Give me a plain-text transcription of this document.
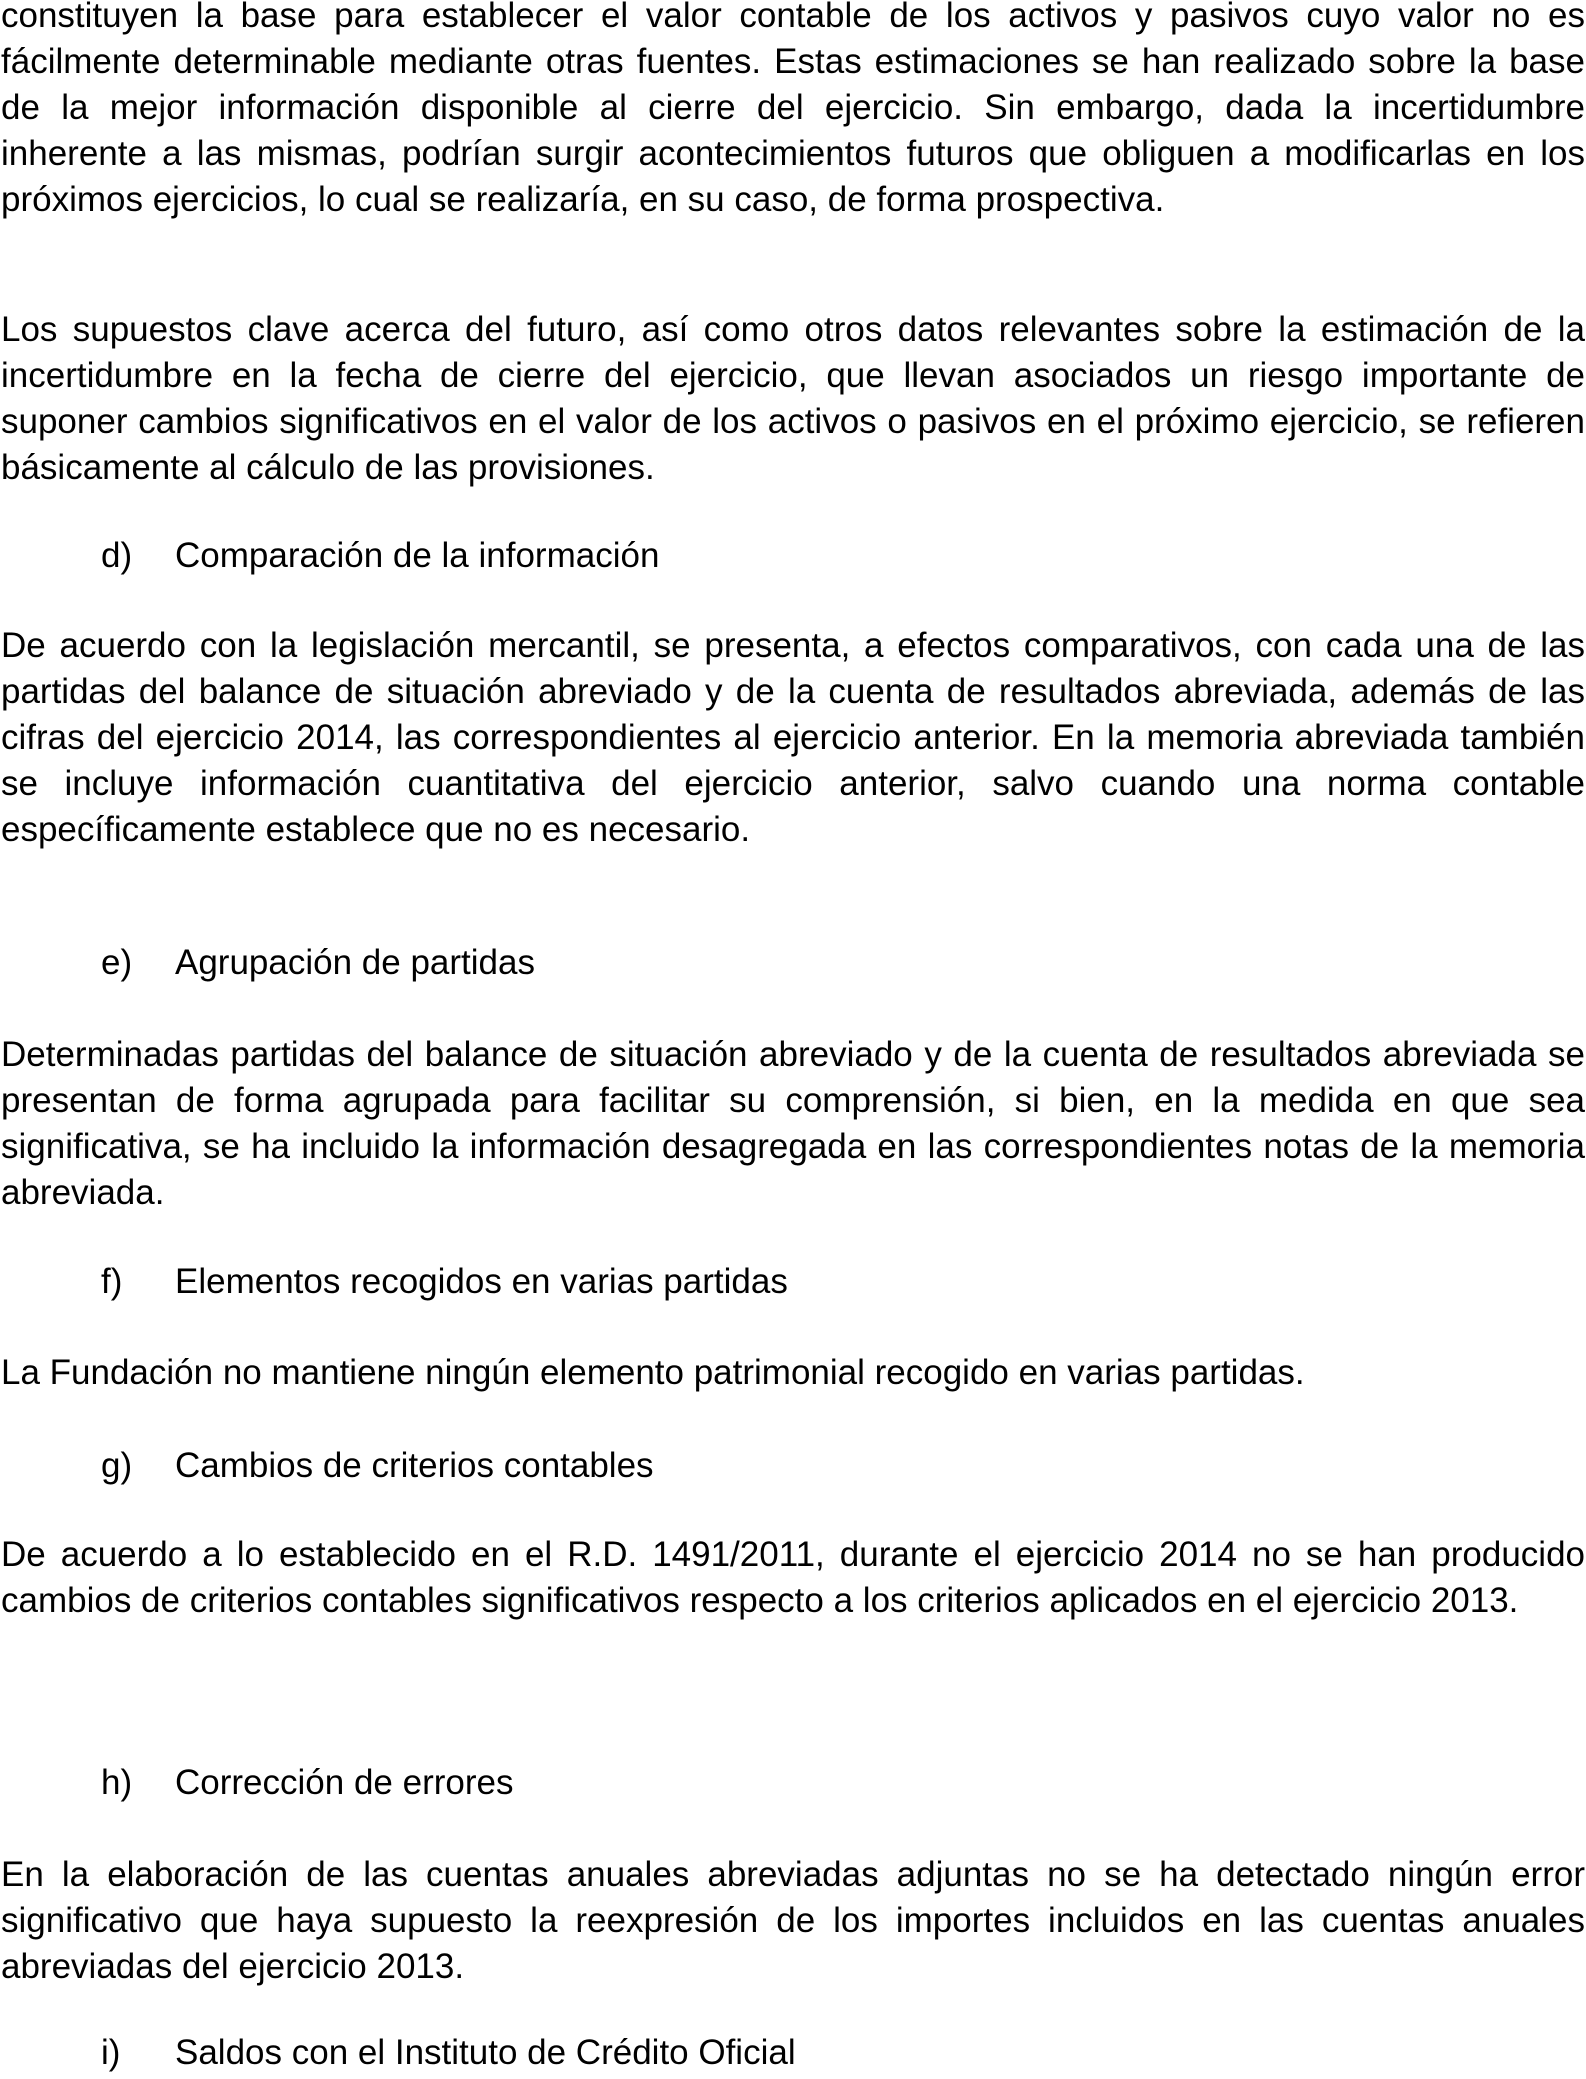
constituyen la base para establecer el valor contable de los activos y pasivos cuyo valor no es fácilmente determinable mediante otras fuentes. Estas estimaciones se han realizado sobre la base de la mejor información disponible al cierre del ejercicio. Sin embargo, dada la incertidumbre inherente a las mismas, podrían surgir acontecimientos futuros que obliguen a modificarlas en los próximos ejercicios, lo cual se realizaría, en su caso, de forma prospectiva.

Los supuestos clave acerca del futuro, así como otros datos relevantes sobre la estimación de la incertidumbre en la fecha de cierre del ejercicio, que llevan asociados un riesgo importante de suponer cambios significativos en el valor de los activos o pasivos en el próximo ejercicio, se refieren básicamente al cálculo de las provisiones.

d) Comparación de la información

De acuerdo con la legislación mercantil, se presenta, a efectos comparativos, con cada una de las partidas del balance de situación abreviado y de la cuenta de resultados abreviada, además de las cifras del ejercicio 2014, las correspondientes al ejercicio anterior. En la memoria abreviada también se incluye información cuantitativa del ejercicio anterior, salvo cuando una norma contable específicamente establece que no es necesario.

e) Agrupación de partidas

Determinadas partidas del balance de situación abreviado y de la cuenta de resultados abreviada se presentan de forma agrupada para facilitar su comprensión, si bien, en la medida en que sea significativa, se ha incluido la información desagregada en las correspondientes notas de la memoria abreviada.

f) Elementos recogidos en varias partidas

La Fundación no mantiene ningún elemento patrimonial recogido en varias partidas.

g) Cambios de criterios contables

De acuerdo a lo establecido en el R.D. 1491/2011, durante el ejercicio 2014 no se han producido cambios de criterios contables significativos respecto a los criterios aplicados en el ejercicio 2013.

h) Corrección de errores

En la elaboración de las cuentas anuales abreviadas adjuntas no se ha detectado ningún error significativo que haya supuesto la reexpresión de los importes incluidos en las cuentas anuales abreviadas del ejercicio 2013.

i) Saldos con el Instituto de Crédito Oficial
